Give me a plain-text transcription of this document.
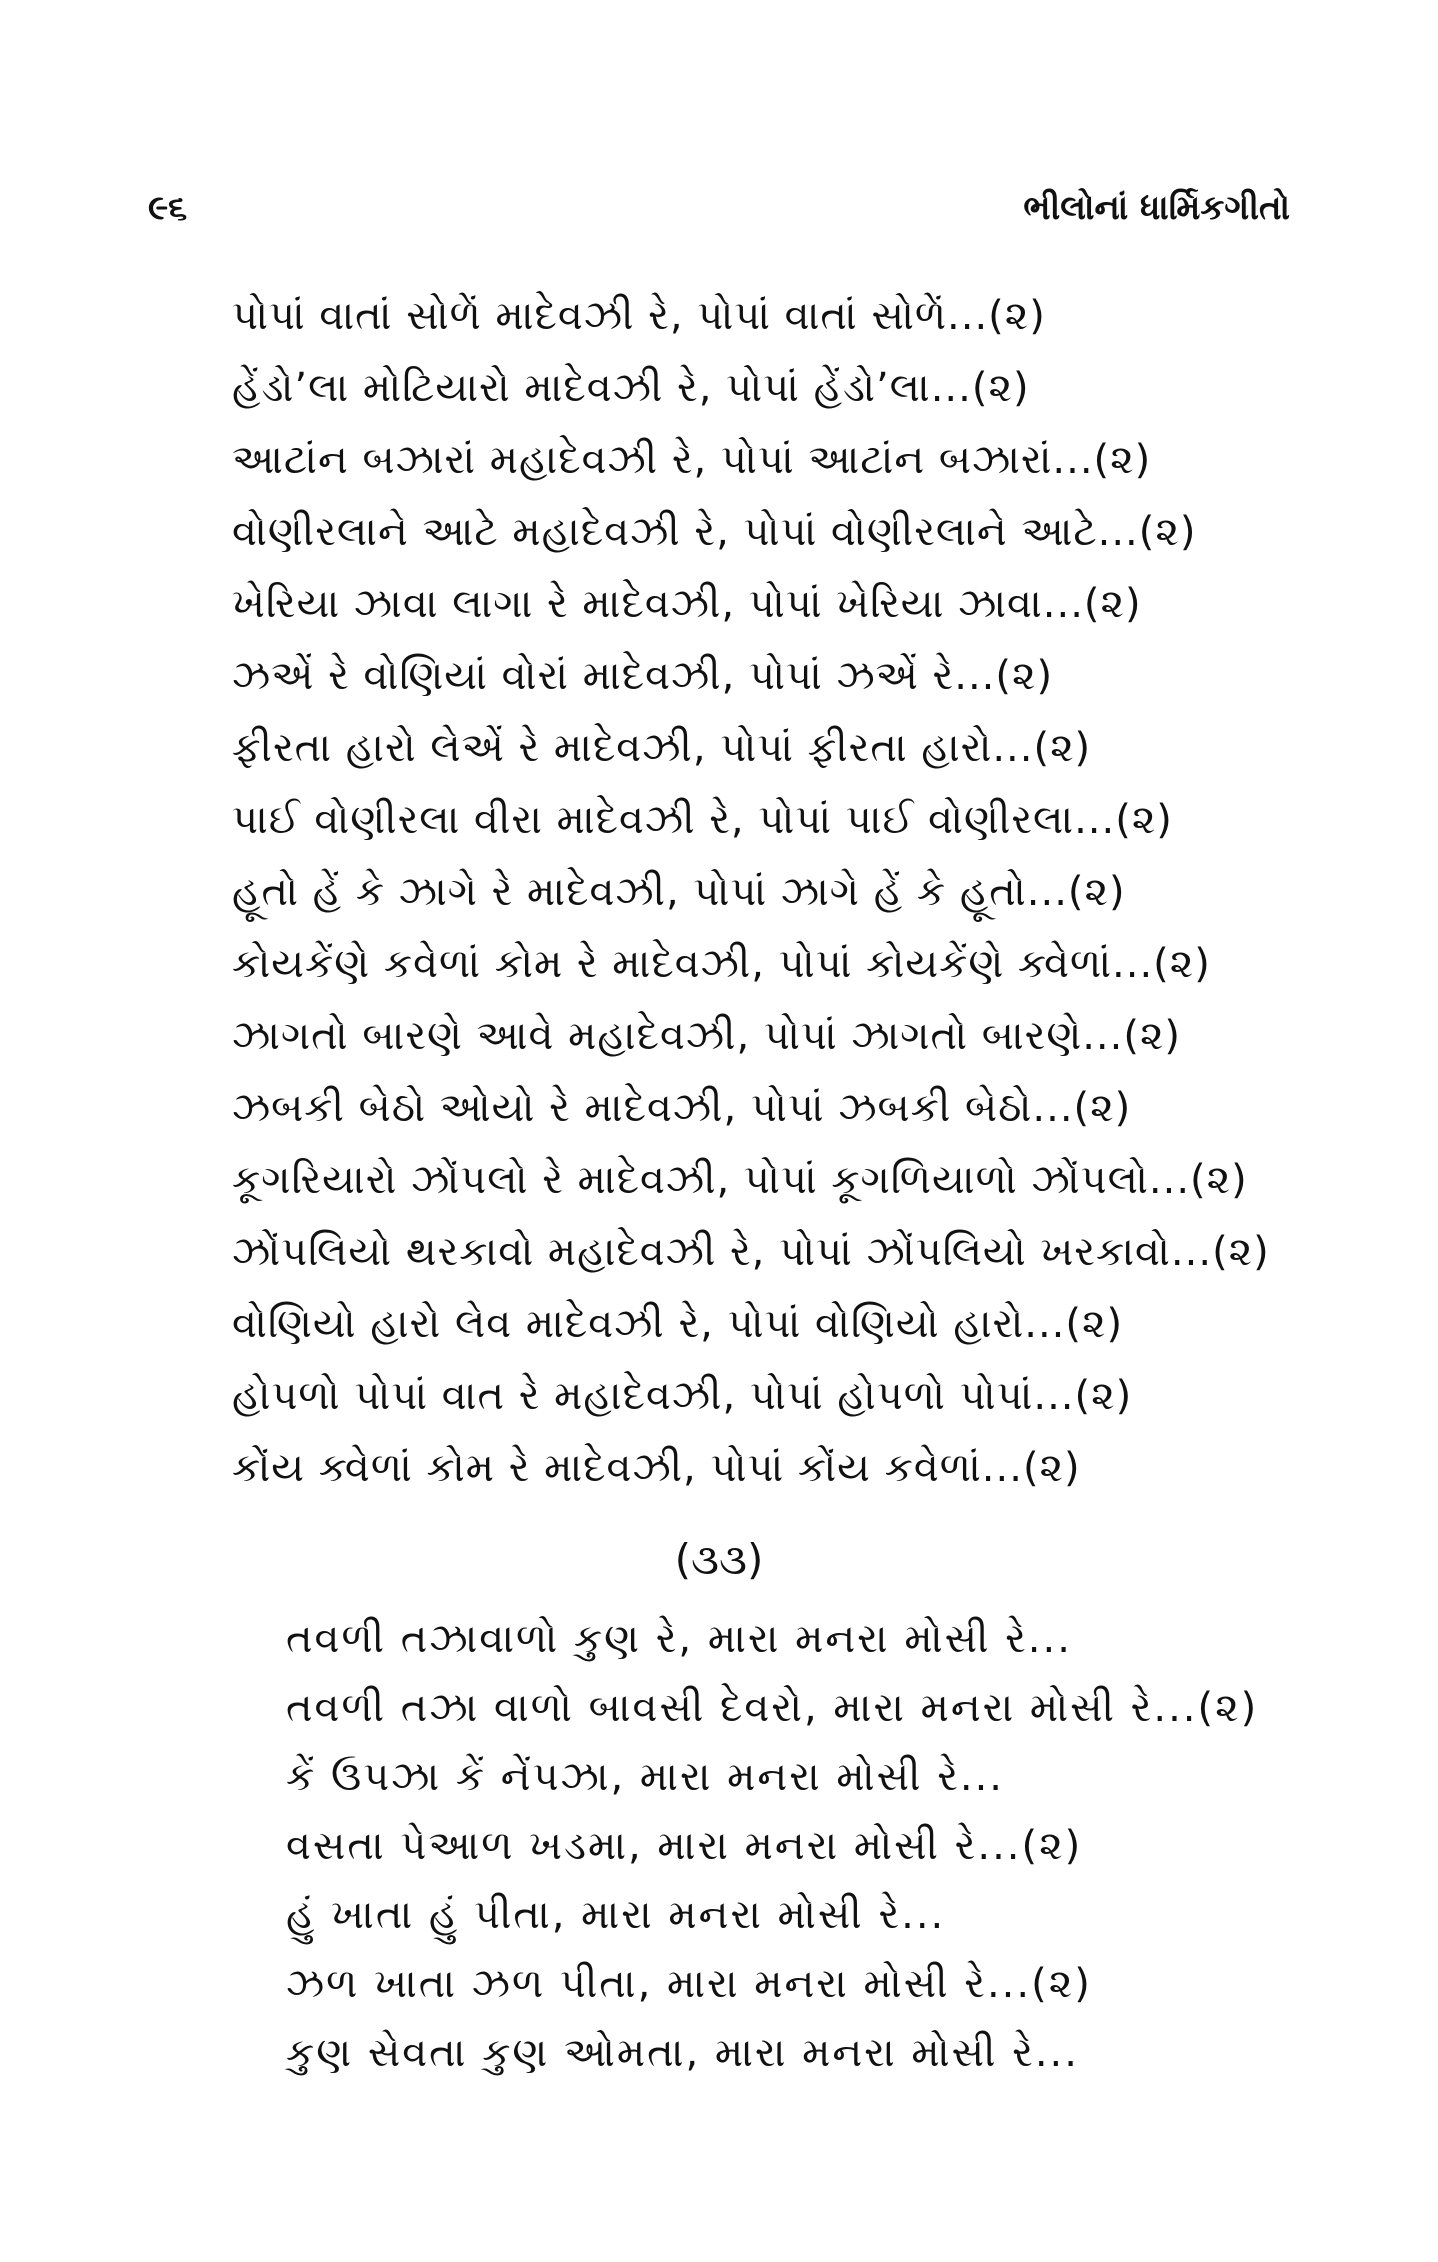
૯૬	ભીલોનાં ધાર્મિકગીતો
પોપાં વાતાં સોળેં માદેવઝી રે, પોપાં વાતાં સોળેં...(૨)
હેંડો’લા મોટિયારો માદેવઝી રે, પોપાં હેંડો’લા...(૨)
આટાંન બઝારાં મહાદેવઝી રે, પોપાં આટાંન બઝારાં...(૨)
વોણીરલાને આટે મહાદેવઝી રે, પોપાં વોણીરલાને આટે...(૨)
ખેરિયા ઝાવા લાગા રે માદેવઝી, પોપાં ખેરિયા ઝાવા...(૨)
ઝએં રે વોણિયાં વોરાં માદેવઝી, પોપાં ઝએં રે...(૨)
ફીરતા હારો લેએં રે માદેવઝી, પોપાં ફીરતા હારો...(૨)
પાઈ વોણીરલા વીરા માદેવઝી રે, પોપાં પાઈ વોણીરલા...(૨)
હૂતો હેં કે ઝાગે રે માદેવઝી, પોપાં ઝાગે હેં કે હૂતો...(૨)
કોયકેંણે કવેળાં કોમ રે માદેવઝી, પોપાં કોયકેંણે ક્વેળાં...(૨)
ઝાગતો બારણે આવે મહાદેવઝી, પોપાં ઝાગતો બારણે...(૨)
ઝબકી બેઠો ઓયો રે માદેવઝી, પોપાં ઝબકી બેઠો...(૨)
કૂગરિયારો ઝોંપલો રે માદેવઝી, પોપાં કૂગળિયાળો ઝોંપલો...(૨)
ઝોંપલિયો થરકાવો મહાદેવઝી રે, પોપાં ઝોંપલિયો ખરકાવો...(૨)
વોણિયો હારો લેવ માદેવઝી રે, પોપાં વોણિયો હારો...(૨)
હોપળો પોપાં વાત રે મહાદેવઝી, પોપાં હોપળો પોપાં...(૨)
કોંય ક્વેળાં કોમ રે માદેવઝી, પોપાં કોંય કવેળાં...(૨)
(૩૩)
તવળી તઝાવાળો કુણ રે, મારા મનરા મોસી રે...
તવળી તઝા વાળો બાવસી દેવરો, મારા મનરા મોસી રે...(૨)
કેં ઉપઝા કેં નેંપઝા, મારા મનરા મોસી રે...
વસતા પેઆળ ખડમા, મારા મનરા મોસી રે...(૨)
હું ખાતા હું પીતા, મારા મનરા મોસી રે...
ઝળ ખાતા ઝળ પીતા, મારા મનરા મોસી રે...(૨)
કુણ સેવતા કુણ ઓમતા, મારા મનરા મોસી રે...
